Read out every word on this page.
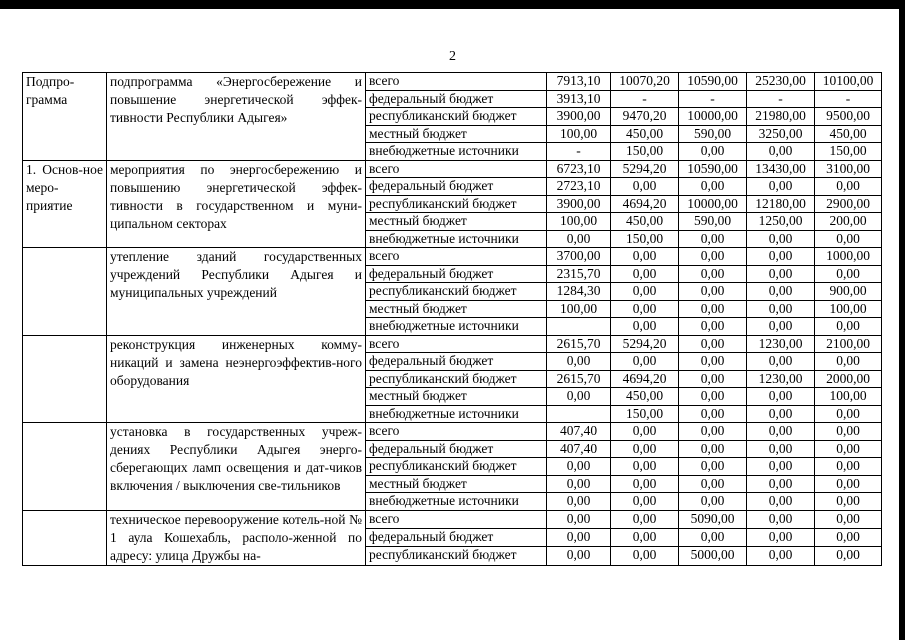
2
Подпро-грамма	подпрограмма «Энергосбережение и повышение энергетической эффек-тивности Республики Адыгея»	всего	7913,10	10070,20	10590,00	25230,00	10100,00
		федеральный бюджет	3913,10	-	-	-	-
		республиканский бюджет	3900,00	9470,20	10000,00	21980,00	9500,00
		местный бюджет	100,00	450,00	590,00	3250,00	450,00
		внебюджетные источники	-	150,00	0,00	0,00	150,00
1. Основ-ное меро-приятие	мероприятия по энергосбережению и повышению энергетической эффек-тивности в государственном и муни-ципальном секторах	всего	6723,10	5294,20	10590,00	13430,00	3100,00
		федеральный бюджет	2723,10	0,00	0,00	0,00	0,00
		республиканский бюджет	3900,00	4694,20	10000,00	12180,00	2900,00
		местный бюджет	100,00	450,00	590,00	1250,00	200,00
		внебюджетные источники	0,00	150,00	0,00	0,00	0,00
	утепление зданий государственных учреждений Республики Адыгея и муниципальных учреждений	всего	3700,00	0,00	0,00	0,00	1000,00
		федеральный бюджет	2315,70	0,00	0,00	0,00	0,00
		республиканский бюджет	1284,30	0,00	0,00	0,00	900,00
		местный бюджет	100,00	0,00	0,00	0,00	100,00
		внебюджетные источники		0,00	0,00	0,00	0,00
	реконструкция инженерных комму-никаций и замена неэнергоэффектив-ного оборудования	всего	2615,70	5294,20	0,00	1230,00	2100,00
		федеральный бюджет	0,00	0,00	0,00	0,00	0,00
		республиканский бюджет	2615,70	4694,20	0,00	1230,00	2000,00
		местный бюджет	0,00	450,00	0,00	0,00	100,00
		внебюджетные источники		150,00	0,00	0,00	0,00
	установка в государственных учреж-дениях Республики Адыгея энерго-сберегающих ламп освещения и дат-чиков включения / выключения све-тильников	всего	407,40	0,00	0,00	0,00	0,00
		федеральный бюджет	407,40	0,00	0,00	0,00	0,00
		республиканский бюджет	0,00	0,00	0,00	0,00	0,00
		местный бюджет	0,00	0,00	0,00	0,00	0,00
		внебюджетные источники	0,00	0,00	0,00	0,00	0,00
	техническое перевооружение котель-ной № 1 аула Кошехабль, располо-женной по адресу: улица Дружбы на-	всего	0,00	0,00	5090,00	0,00	0,00
		федеральный бюджет	0,00	0,00	0,00	0,00	0,00
		республиканский бюджет	0,00	0,00	5000,00	0,00	0,00
